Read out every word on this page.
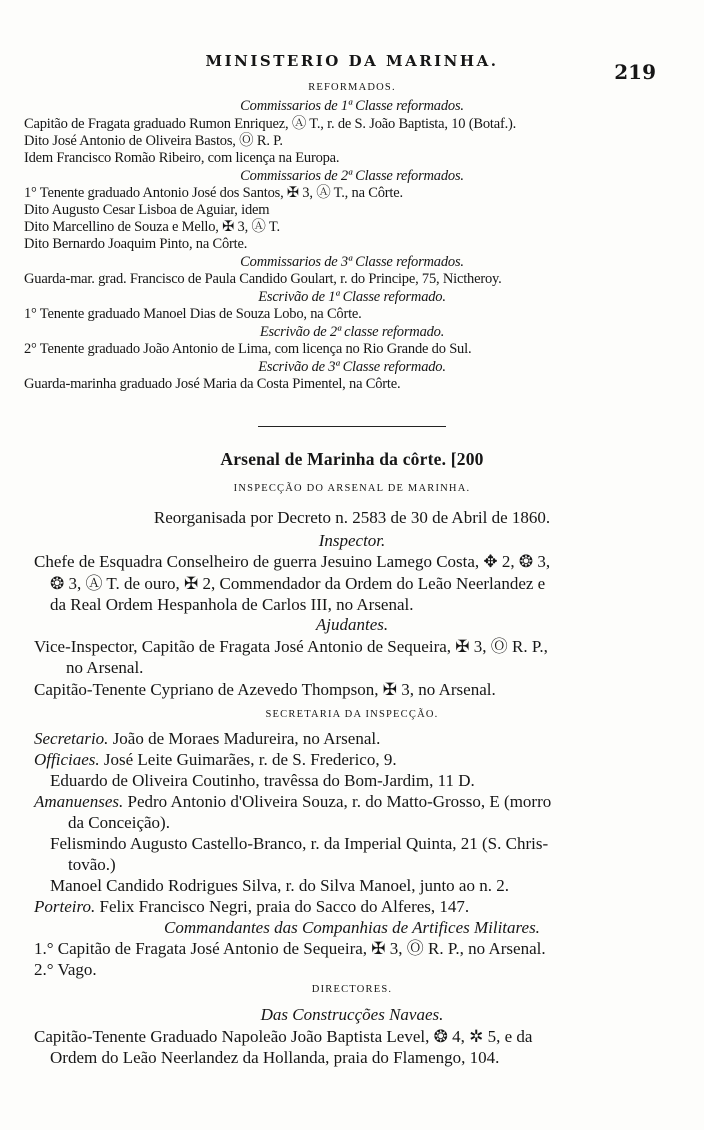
MINISTERIO DA MARINHA.	219
REFORMADOS.
Commissarios de 1ª Classe reformados.
Capitão de Fragata graduado Rumon Enriquez, Ⓐ T., r. de S. João Baptista, 10 (Botaf.).
Dito José Antonio de Oliveira Bastos, Ⓞ R. P.
Idem Francisco Romão Ribeiro, com licença na Europa.
Commissarios de 2ª Classe reformados.
1° Tenente graduado Antonio José dos Santos, ✠ 3, Ⓐ T., na Côrte.
Dito Augusto Cesar Lisboa de Aguiar, idem
Dito Marcellino de Souza e Mello, ✠ 3, Ⓐ T.
Dito Bernardo Joaquim Pinto, na Côrte.
Commissarios de 3ª Classe reformados.
Guarda-mar. grad. Francisco de Paula Candido Goulart, r. do Principe, 75, Nictheroy.
Escrivão de 1ª Classe reformado.
1° Tenente graduado Manoel Dias de Souza Lobo, na Côrte.
Escrivão de 2ª classe reformado.
2° Tenente graduado João Antonio de Lima, com licença no Rio Grande do Sul.
Escrivão de 3ª Classe reformado.
Guarda-marinha graduado José Maria da Costa Pimentel, na Côrte.
Arsenal de Marinha da côrte. [200
INSPECÇÃO DO ARSENAL DE MARINHA.
Reorganisada por Decreto n. 2583 de 30 de Abril de 1860.
Inspector.
Chefe de Esquadra Conselheiro de guerra Jesuino Lamego Costa, ✥ 2, ❂ 3,
❂ 3, Ⓐ T. de ouro, ✠ 2, Commendador da Ordem do Leão Neerlandez e
da Real Ordem Hespanhola de Carlos III, no Arsenal.
Ajudantes.
Vice-Inspector, Capitão de Fragata José Antonio de Sequeira, ✠ 3, Ⓞ R. P.,
no Arsenal.
Capitão-Tenente Cypriano de Azevedo Thompson, ✠ 3, no Arsenal.
SECRETARIA DA INSPECÇÃO.
Secretario. João de Moraes Madureira, no Arsenal.
Officiaes. José Leite Guimarães, r. de S. Frederico, 9.
Eduardo de Oliveira Coutinho, travêssa do Bom-Jardim, 11 D.
Amanuenses. Pedro Antonio d'Oliveira Souza, r. do Matto-Grosso, E (morro
da Conceição).
Felismindo Augusto Castello-Branco, r. da Imperial Quinta, 21 (S. Chris-
tovão.)
Manoel Candido Rodrigues Silva, r. do Silva Manoel, junto ao n. 2.
Porteiro. Felix Francisco Negri, praia do Sacco do Alferes, 147.
Commandantes das Companhias de Artifices Militares.
1.° Capitão de Fragata José Antonio de Sequeira, ✠ 3, Ⓞ R. P., no Arsenal.
2.° Vago.
DIRECTORES.
Das Construcções Navaes.
Capitão-Tenente Graduado Napoleão João Baptista Level, ❂ 4, ✲ 5, e da
Ordem do Leão Neerlandez da Hollanda, praia do Flamengo, 104.
